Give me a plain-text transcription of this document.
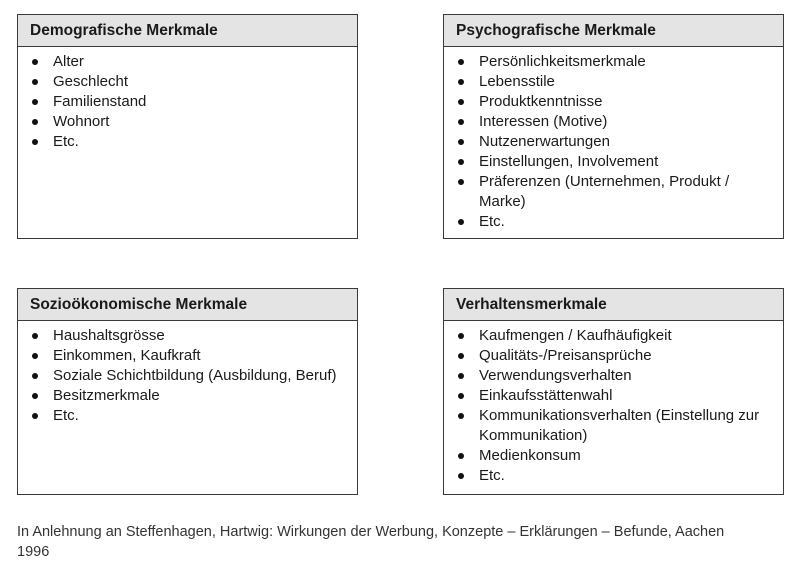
Demografische Merkmale
Alter
Geschlecht
Familienstand
Wohnort
Etc.
Psychografische Merkmale
Persönlichkeitsmerkmale
Lebensstile
Produktkenntnisse
Interessen (Motive)
Nutzenerwartungen
Einstellungen, Involvement
Präferenzen (Unternehmen, Produkt / Marke)
Etc.
Sozioökonomische Merkmale
Haushaltsgrösse
Einkommen, Kaufkraft
Soziale Schichtbildung (Ausbildung, Beruf)
Besitzmerkmale
Etc.
Verhaltensmerkmale
Kaufmengen / Kaufhäufigkeit
Qualitäts-/Preisansprüche
Verwendungsverhalten
Einkaufsstättenwahl
Kommunikationsverhalten (Einstellung zur Kommunikation)
Medienkonsum
Etc.
In Anlehnung an Steffenhagen, Hartwig: Wirkungen der Werbung, Konzepte – Erklärungen – Befunde, Aachen 1996
